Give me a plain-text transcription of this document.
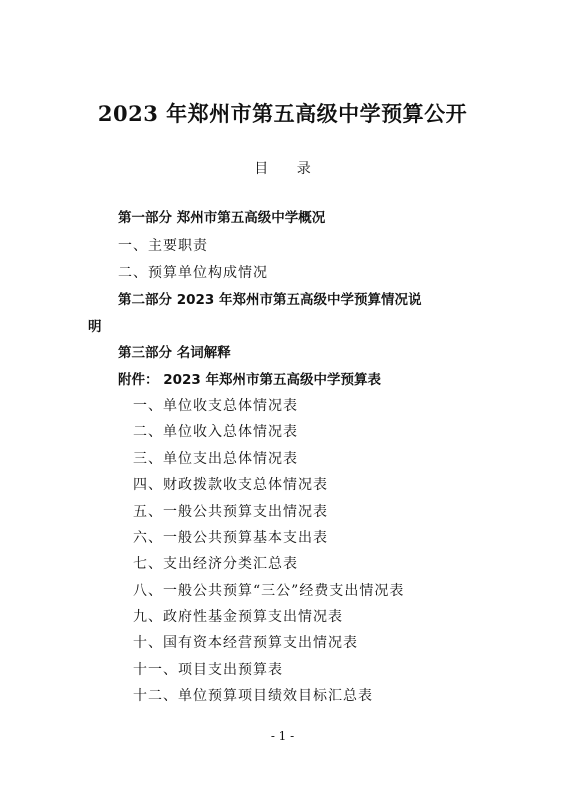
2023 年郑州市第五高级中学预算公开
目 录
第一部分 郑州市第五高级中学概况
一、主要职责
二、预算单位构成情况
第二部分 2023 年郑州市第五高级中学预算情况说
明
第三部分 名词解释
附件： 2023 年郑州市第五高级中学预算表
一、单位收支总体情况表
二、单位收入总体情况表
三、单位支出总体情况表
四、财政拨款收支总体情况表
五、一般公共预算支出情况表
六、一般公共预算基本支出表
七、支出经济分类汇总表
八、一般公共预算“三公”经费支出情况表
九、政府性基金预算支出情况表
十、国有资本经营预算支出情况表
十一、项目支出预算表
十二、单位预算项目绩效目标汇总表
- 1 -
